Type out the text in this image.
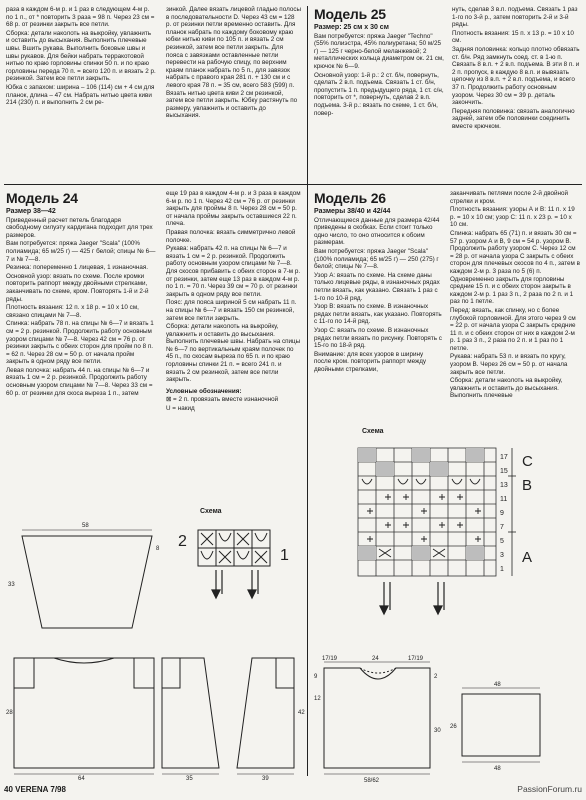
разa в каждом 6-м р. и 1 раз в следующем 4-м р. по 1 п., от * повторить 3 раза = 98 п. Через 23 см = 68 р. от резинки закрыть все петли.

Сборка: детали наколоть на выкройку, увлажнить и оставить до высыхания. Выполнить плечевые швы. Вшить рукава. Выполнить боковые швы и швы рукавов. Для бейки набрать терракотовой нитью по краю горловины спинки 50 п. и по краю горловины переда 70 п. = всего 120 п. и вязать 2 р. резинкой. Затем все петли закрыть.

Юбка с запахом: ширина – 106 (114) см + 4 см для планок, длина – 47 см. Набрать нитью цвета киви 214 (230) п. и выполнить 2 см ре-

зинкой. Далее вязать лицевой гладью полосы в последовательности D. Через 43 см = 128 р. от резинки петли временно оставить. Для планок набрать по каждому боковому краю юбки нитью киви по 105 п. и вязать 2 см резинкой, затем все петли закрыть. Для пояса с завязками оставленные петли перевести на рабочую спицу, по верхним краям планок набрать по 5 п., для завязок набрать с правого края 281 п. + 130 см и с левого края 78 п. = 35 см, всего 583 (599) п. Вязать нитью цвета киви 2 см резинкой, затем все петли закрыть. Юбку растянуть по размеру, увлажнить и оставить до высыхания.

Модель 25

Размер: 25 см х 30 см

Вам потребуется: пряжа Jaeger "Techno" (55% полиэстра, 45% полиуретана; 50 м/25 г) — 125 г черно-белой меланжевой; 2 металлических кольца диаметром ок. 21 см, крючок № 6—9.

Основной узор: 1-й р.: 2 ст. б/н, повернуть, сделать 2 в.п. подъема. Связать 1 ст. б/н, пропустить 1 п. предыдущего ряда, 1 ст. с/н, повторить от *, повернуть, сделав 2 в.п. подъема. 3-й р.: вязать по схеме, 1 ст. б/н, повер-

нуть, сделав 3 в.п. подъема. Связать 1 раз 1-го по 3-й р., затем повторить 2-й и 3-й ряды.

Плотность вязания: 15 п. х 13 р. = 10 х 10 см.

Задняя половинка: кольцо плотно обвязать ст. б/н. Ряд замкнуть соед. ст. в 1-ю п. Связать 8 в.п. + 2 в.п. подъема. В эти 8 п. и 2 п. пропуск, в каждую 8 в.п. и вывязать цепочку из 8 в.п. + 2 в.п. подъема, и всего 37 п. Продолжить работу основным узором. Через 30 см = 39 р. деталь закончить.

Передняя половинка: связать аналогично задней, затем обе половинки соединить вместе крючком.

Модель 24

Размер 38—42

Приведенный расчет петель благодаря свободному силуэту кардигана подходит для трех размеров.

Вам потребуется: пряжа Jaeger "Scala" (100% полиамида; 65 м/25 г) — 425 г белой; спицы № 6—7 и № 7—8.

Резинка: попеременно 1 лицевая, 1 изнаночная.

Основной узор: вязать по схеме. После кромки повторить раппорт между двойными стрелками, заканчивать по схеме, кром. Повторять 1-й и 2-й ряды.

Плотность вязания: 12 п. х 18 р. = 10 х 10 см, связано спицами № 7—8.

Спинка: набрать 78 п. на спицы № 6—7 и вязать 1 см = 2 р. резинкой. Продолжить работу основным узором спицами № 7—8. Через 42 см = 76 р. от резинки закрыть с обеих сторон для пройм по 8 п. = 62 п. Через 28 см = 50 р. от начала пройм закрыть в одном ряду все петли.

Левая полочка: набрать 44 п. на спицы № 6—7 и вязать 1 см = 2 р. резинкой. Продолжить работу основным узором спицами № 7—8. Через 33 см = 60 р. от резинки для скоса выреза 1 п., затем

еще 19 раз в каждом 4-м р. и 3 раза в каждом 6-м р. по 1 п. Через 42 см = 76 р. от резинки закрыть для проймы 8 п. Через 28 см = 50 р. от начала проймы закрыть оставшиеся 22 п. плеча.

Правая полочка: вязать симметрично левой полочке.

Рукава: набрать 42 п. на спицы № 6—7 и вязать 1 см = 2 р. резинкой. Продолжить работу основным узором спицами № 7—8. Для скосов прибавить с обеих сторон в 7-м р. от резинки, затем еще 13 раз в каждом 4-м р. по 1 п. = 70 п. Через 39 см = 70 р. от резинки закрыть в одном ряду все петли.

Пояс: для пояса шириной 5 см набрать 11 п. на спицы № 6—7 и вязать 150 см резинкой, затем все петли закрыть.

Сборка: детали наколоть на выкройку, увлажнить и оставить до высыхания. Выполнить плечевые швы. Набрать на спицы № 6—7 по вертикальным краям полочек по 45 п., по скосам выреза по 65 п. и по краю горловины спинки 21 п. = всего 241 п. и вязать 2 см резинкой, затем все петли закрыть.

Условные обозначения:

⊠ = 2 п. провязать вместе изнаночной

U = накид

Схема
2
1
58
33
8
28
64
42
35	39
Модель 26

Размеры 38/40 и 42/44

Отличающиеся данные для размера 42/44 приведены в скобках. Если стоит только одно число, то оно относится к обоим размерам.

Вам потребуется: пряжа Jaeger "Scala" (100% полиамида; 65 м/25 г) — 250 (275) г белой; спицы № 7—8.

Узор А: вязать по схеме. На схеме даны только лицевые ряды, в изнаночных рядах петли вязать, как указано. Связать 1 раз с 1-го по 10-й ряд.

Узор В: вязать по схеме. В изнаночных рядах петли вязать, как указано. Повторять с 11-го по 14-й ряд.

Узор С: вязать по схеме. В изнаночных рядах петли вязать по рисунку. Повторять с 15-го по 18-й ряд.

Внимание: для всех узоров в ширину после кром. повторить раппорт между двойными стрелками,

заканчивать петлями после 2-й двойной стрелки и кром.

Плотность вязания: узоры А и В: 11 п. х 19 р. = 10 х 10 см; узор С: 11 п. х 23 р. = 10 х 10 см.

Спинка: набрать 65 (71) п. и вязать 30 см = 57 р. узором А и В, 9 см = 54 р. узором В. Продолжить работу узором С. Через 12 см = 28 р. от начала узора С закрыть с обеих сторон для плечевых скосов по 4 п., затем в каждом 2-м р. 3 раза по 5 (6) п. Одновременно закрыть для горловины средние 15 п. и с обеих сторон закрыть в каждом 2-м р. 1 раз 3 п., 2 раза по 2 п. и 1 раз по 1 петле.

Перед: вязать, как спинку, но с более глубокой горловиной. Для этого через 9 см = 22 р. от начала узора С закрыть средние 11 п. и с обеих сторон от них в каждом 2-м р. 1 раз 3 п., 2 раза по 2 п. и 1 раз по 1 петле.

Рукава: набрать 53 п. и вязать по кругу, узором В. Через 26 см = 50 р. от начала закрыть все петли.

Сборка: детали наколоть на выкройку, увлажнить и оставить до высыхания. Выполнить плечевые

Схема
17
15
13
11
9
7
5
3
1
C
B
A
17/19	24	17/19
9	2
12
30
58/62
48
26
48
40 VERENA 7/98	PassionForum.ru
